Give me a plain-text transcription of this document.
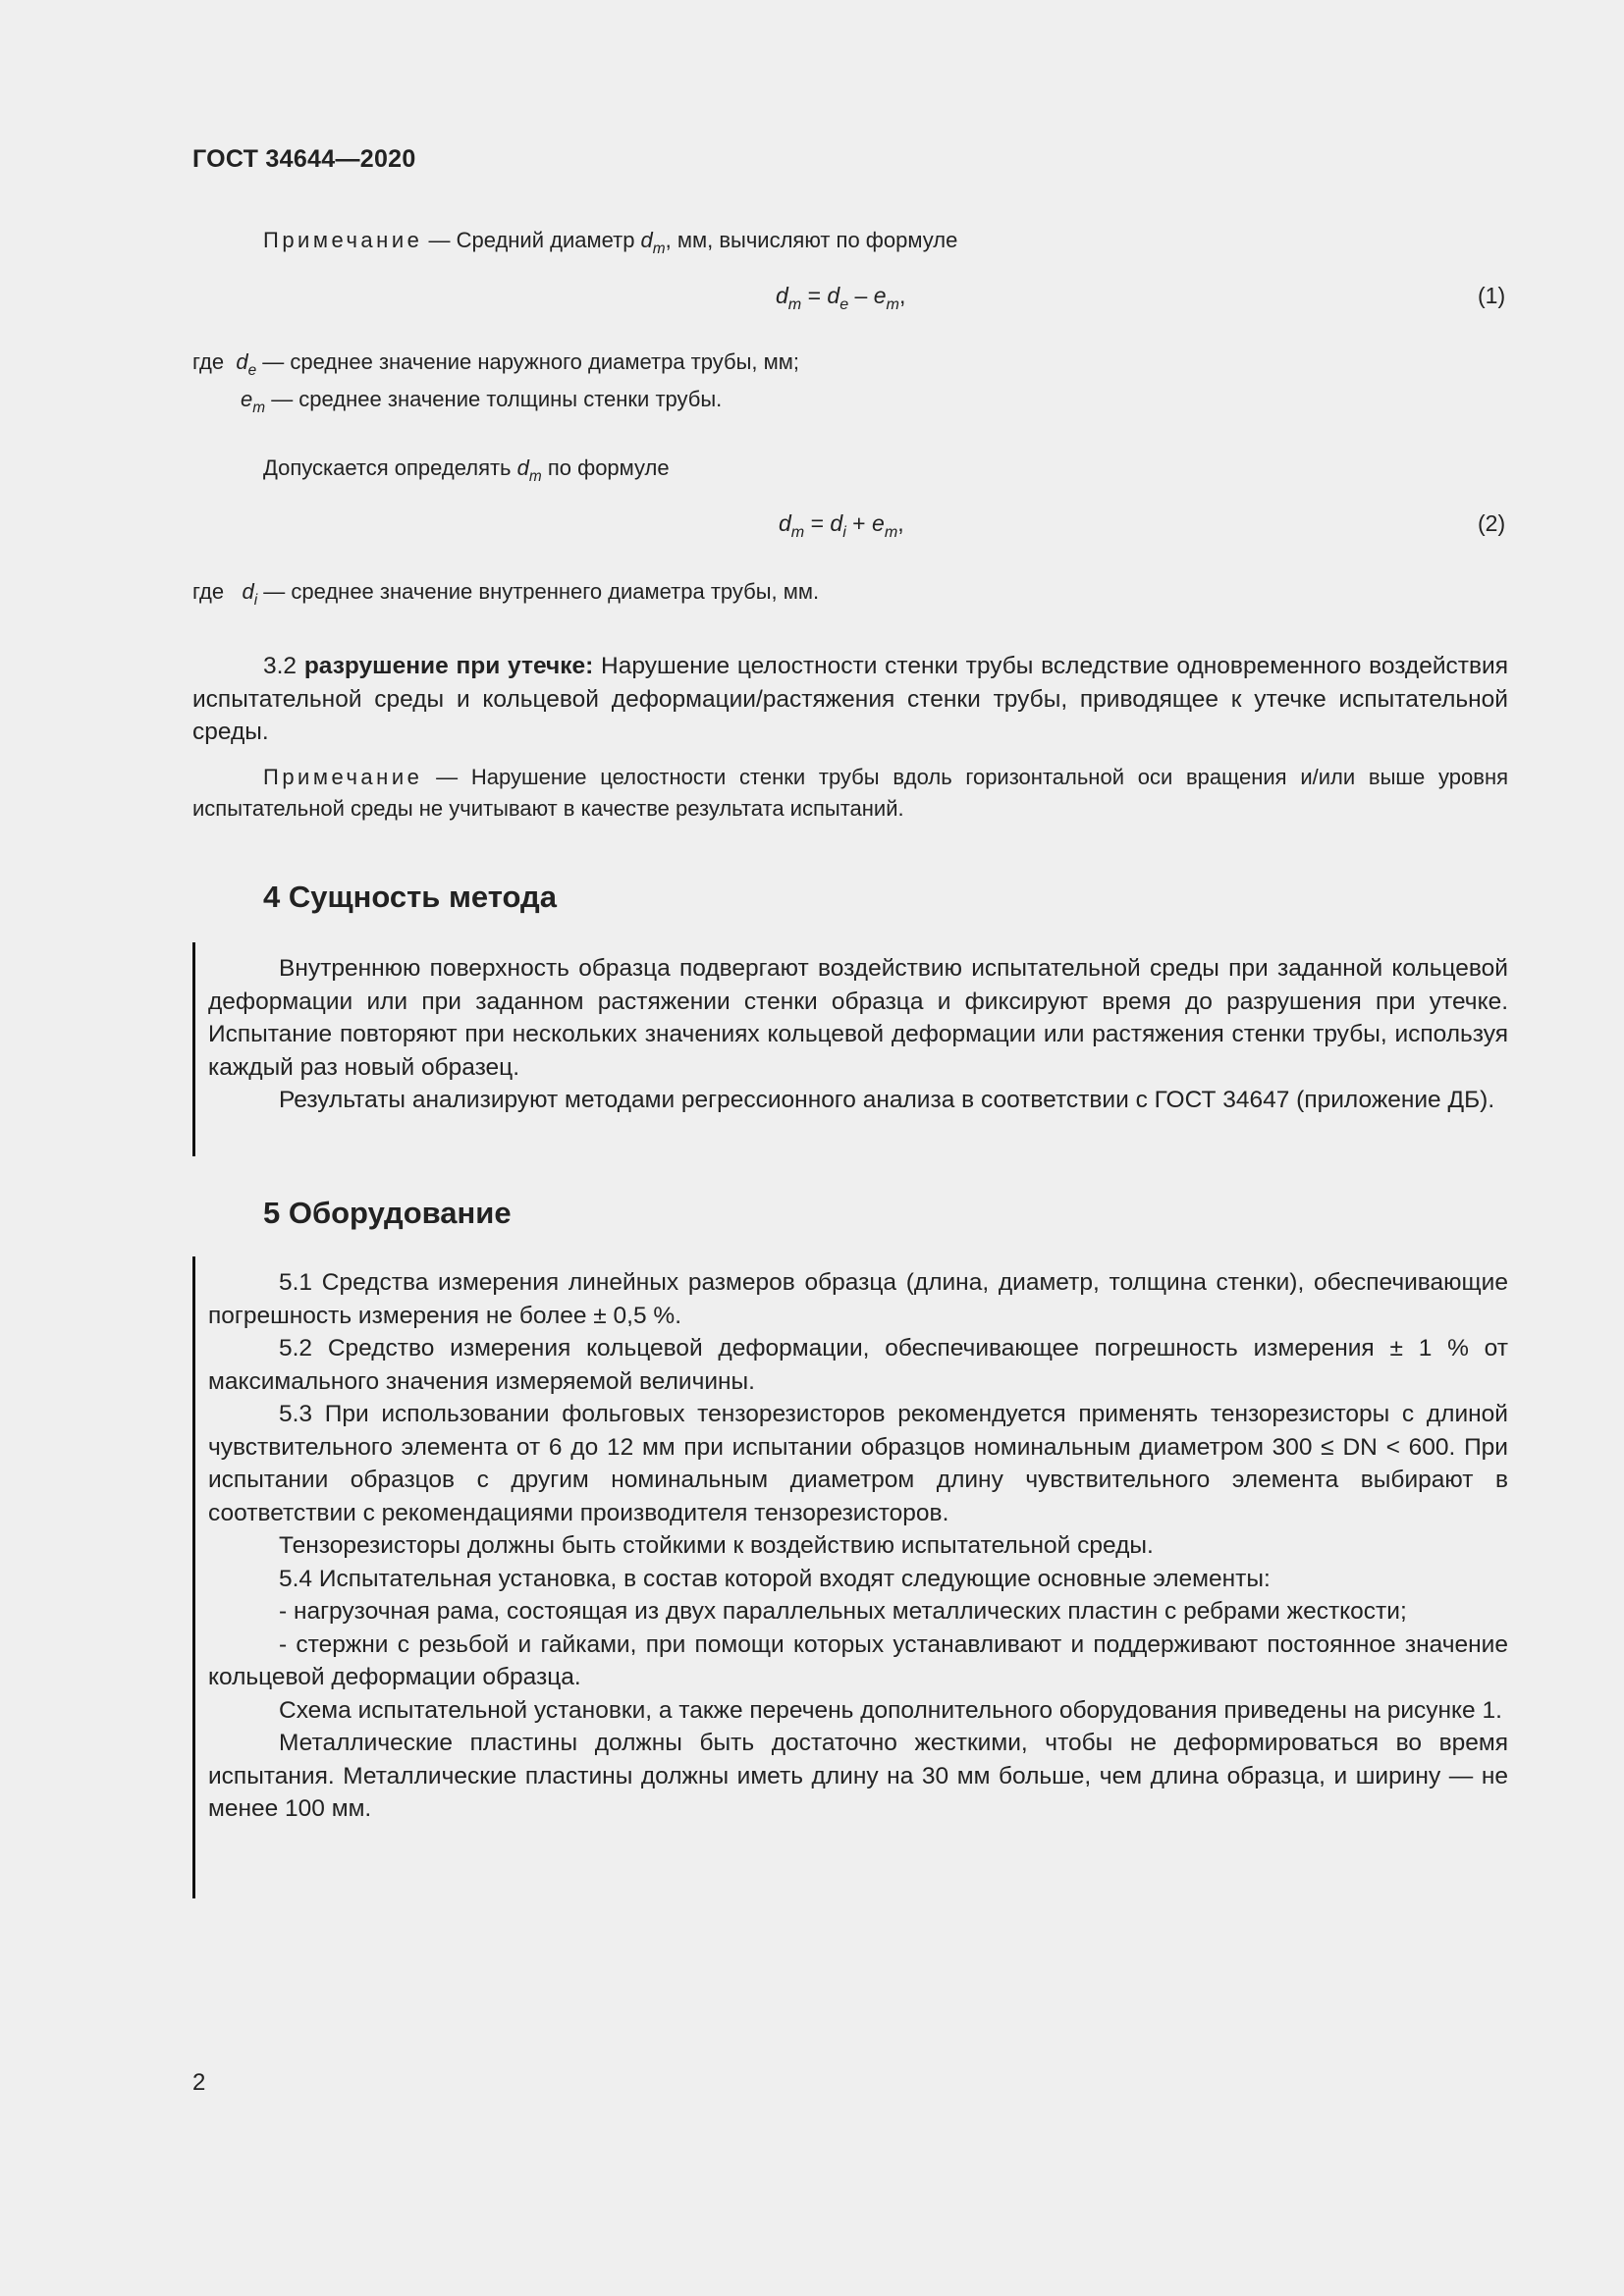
ГОСТ 34644—2020
Примечание — Средний диаметр $d_m$, мм, вычисляют по формуле
$d_m = d_e - e_m$,	(1)
где $d_e$ — среднее значение наружного диаметра трубы, мм;
$e_m$ — среднее значение толщины стенки трубы.
Допускается определять $d_m$ по формуле
$d_m = d_i + e_m$,	(2)
где $d_i$ — среднее значение внутреннего диаметра трубы, мм.

3.2 разрушение при утечке: Нарушение целостности стенки трубы вследствие одновременного воздействия испытательной среды и кольцевой деформации/растяжения стенки трубы, приводящее к утечке испытательной среды.

Примечание — Нарушение целостности стенки трубы вдоль горизонтальной оси вращения и/или выше уровня испытательной среды не учитывают в качестве результата испытаний.

4 Сущность метода

Внутреннюю поверхность образца подвергают воздействию испытательной среды при заданной кольцевой деформации или при заданном растяжении стенки образца и фиксируют время до разрушения при утечке. Испытание повторяют при нескольких значениях кольцевой деформации или растяжения стенки трубы, используя каждый раз новый образец.

Результаты анализируют методами регрессионного анализа в соответствии с ГОСТ 34647 (приложение ДБ).

5 Оборудование

5.1 Средства измерения линейных размеров образца (длина, диаметр, толщина стенки), обеспечивающие погрешность измерения не более ± 0,5 %.

5.2 Средство измерения кольцевой деформации, обеспечивающее погрешность измерения ± 1 % от максимального значения измеряемой величины.

5.3 При использовании фольговых тензорезисторов рекомендуется применять тензорезисторы с длиной чувствительного элемента от 6 до 12 мм при испытании образцов номинальным диаметром 300 ≤ DN < 600. При испытании образцов с другим номинальным диаметром длину чувствительного элемента выбирают в соответствии с рекомендациями производителя тензорезисторов.

Тензорезисторы должны быть стойкими к воздействию испытательной среды.

5.4 Испытательная установка, в состав которой входят следующие основные элементы:

- нагрузочная рама, состоящая из двух параллельных металлических пластин с ребрами жесткости;

- стержни с резьбой и гайками, при помощи которых устанавливают и поддерживают постоянное значение кольцевой деформации образца.

Схема испытательной установки, а также перечень дополнительного оборудования приведены на рисунке 1.

Металлические пластины должны быть достаточно жесткими, чтобы не деформироваться во время испытания. Металлические пластины должны иметь длину на 30 мм больше, чем длина образца, и ширину — не менее 100 мм.

2
